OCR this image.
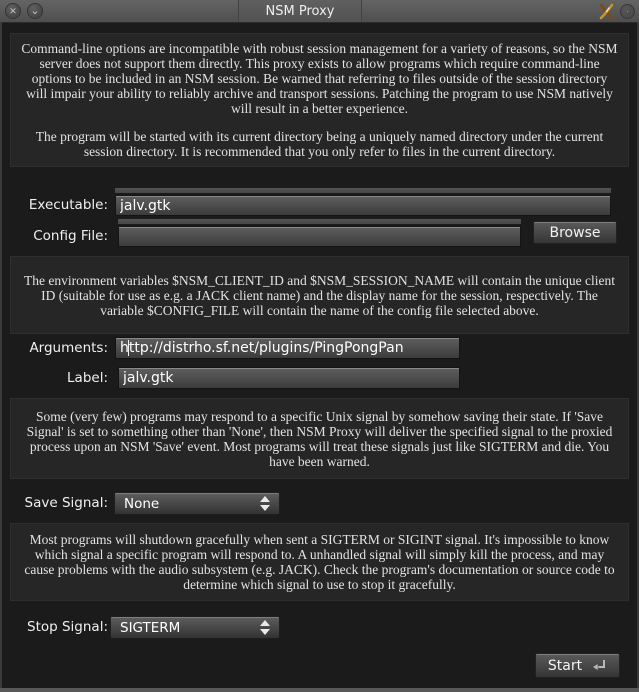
✕	⌄	NSM Proxy	·
Command-line options are incompatible with robust session management for a variety of reasons, so the NSM server does not support them directly. This proxy exists to allow programs which require command-line options to be included in an NSM session. Be warned that referring to files outside of the session directory will impair your ability to reliably archive and transport sessions. Patching the program to use NSM natively will result in a better experience.
The program will be started with its current directory being a uniquely named directory under the current session directory. It is recommended that you only refer to files in the current directory.
Executable:
jalv.gtk
Config File:	Browse
The environment variables $NSM_CLIENT_ID and $NSM_SESSION_NAME will contain the unique client ID (suitable for use as e.g. a JACK client name) and the display name for the session, respectively. The variable $CONFIG_FILE will contain the name of the config file selected above.
Arguments:
http://distrho.sf.net/plugins/PingPongPan
Label:
jalv.gtk
Some (very few) programs may respond to a specific Unix signal by somehow saving their state. If 'Save Signal' is set to something other than 'None', then NSM Proxy will deliver the specified signal to the proxied process upon an NSM 'Save' event. Most programs will treat these signals just like SIGTERM and die. You have been warned.
Save Signal: None
Most programs will shutdown gracefully when sent a SIGTERM or SIGINT signal. It's impossible to know which signal a specific program will respond to. A unhandled signal will simply kill the process, and may cause problems with the audio subsystem (e.g. JACK). Check the program's documentation or source code to determine which signal to use to stop it gracefully.
Stop Signal: SIGTERM
Start
